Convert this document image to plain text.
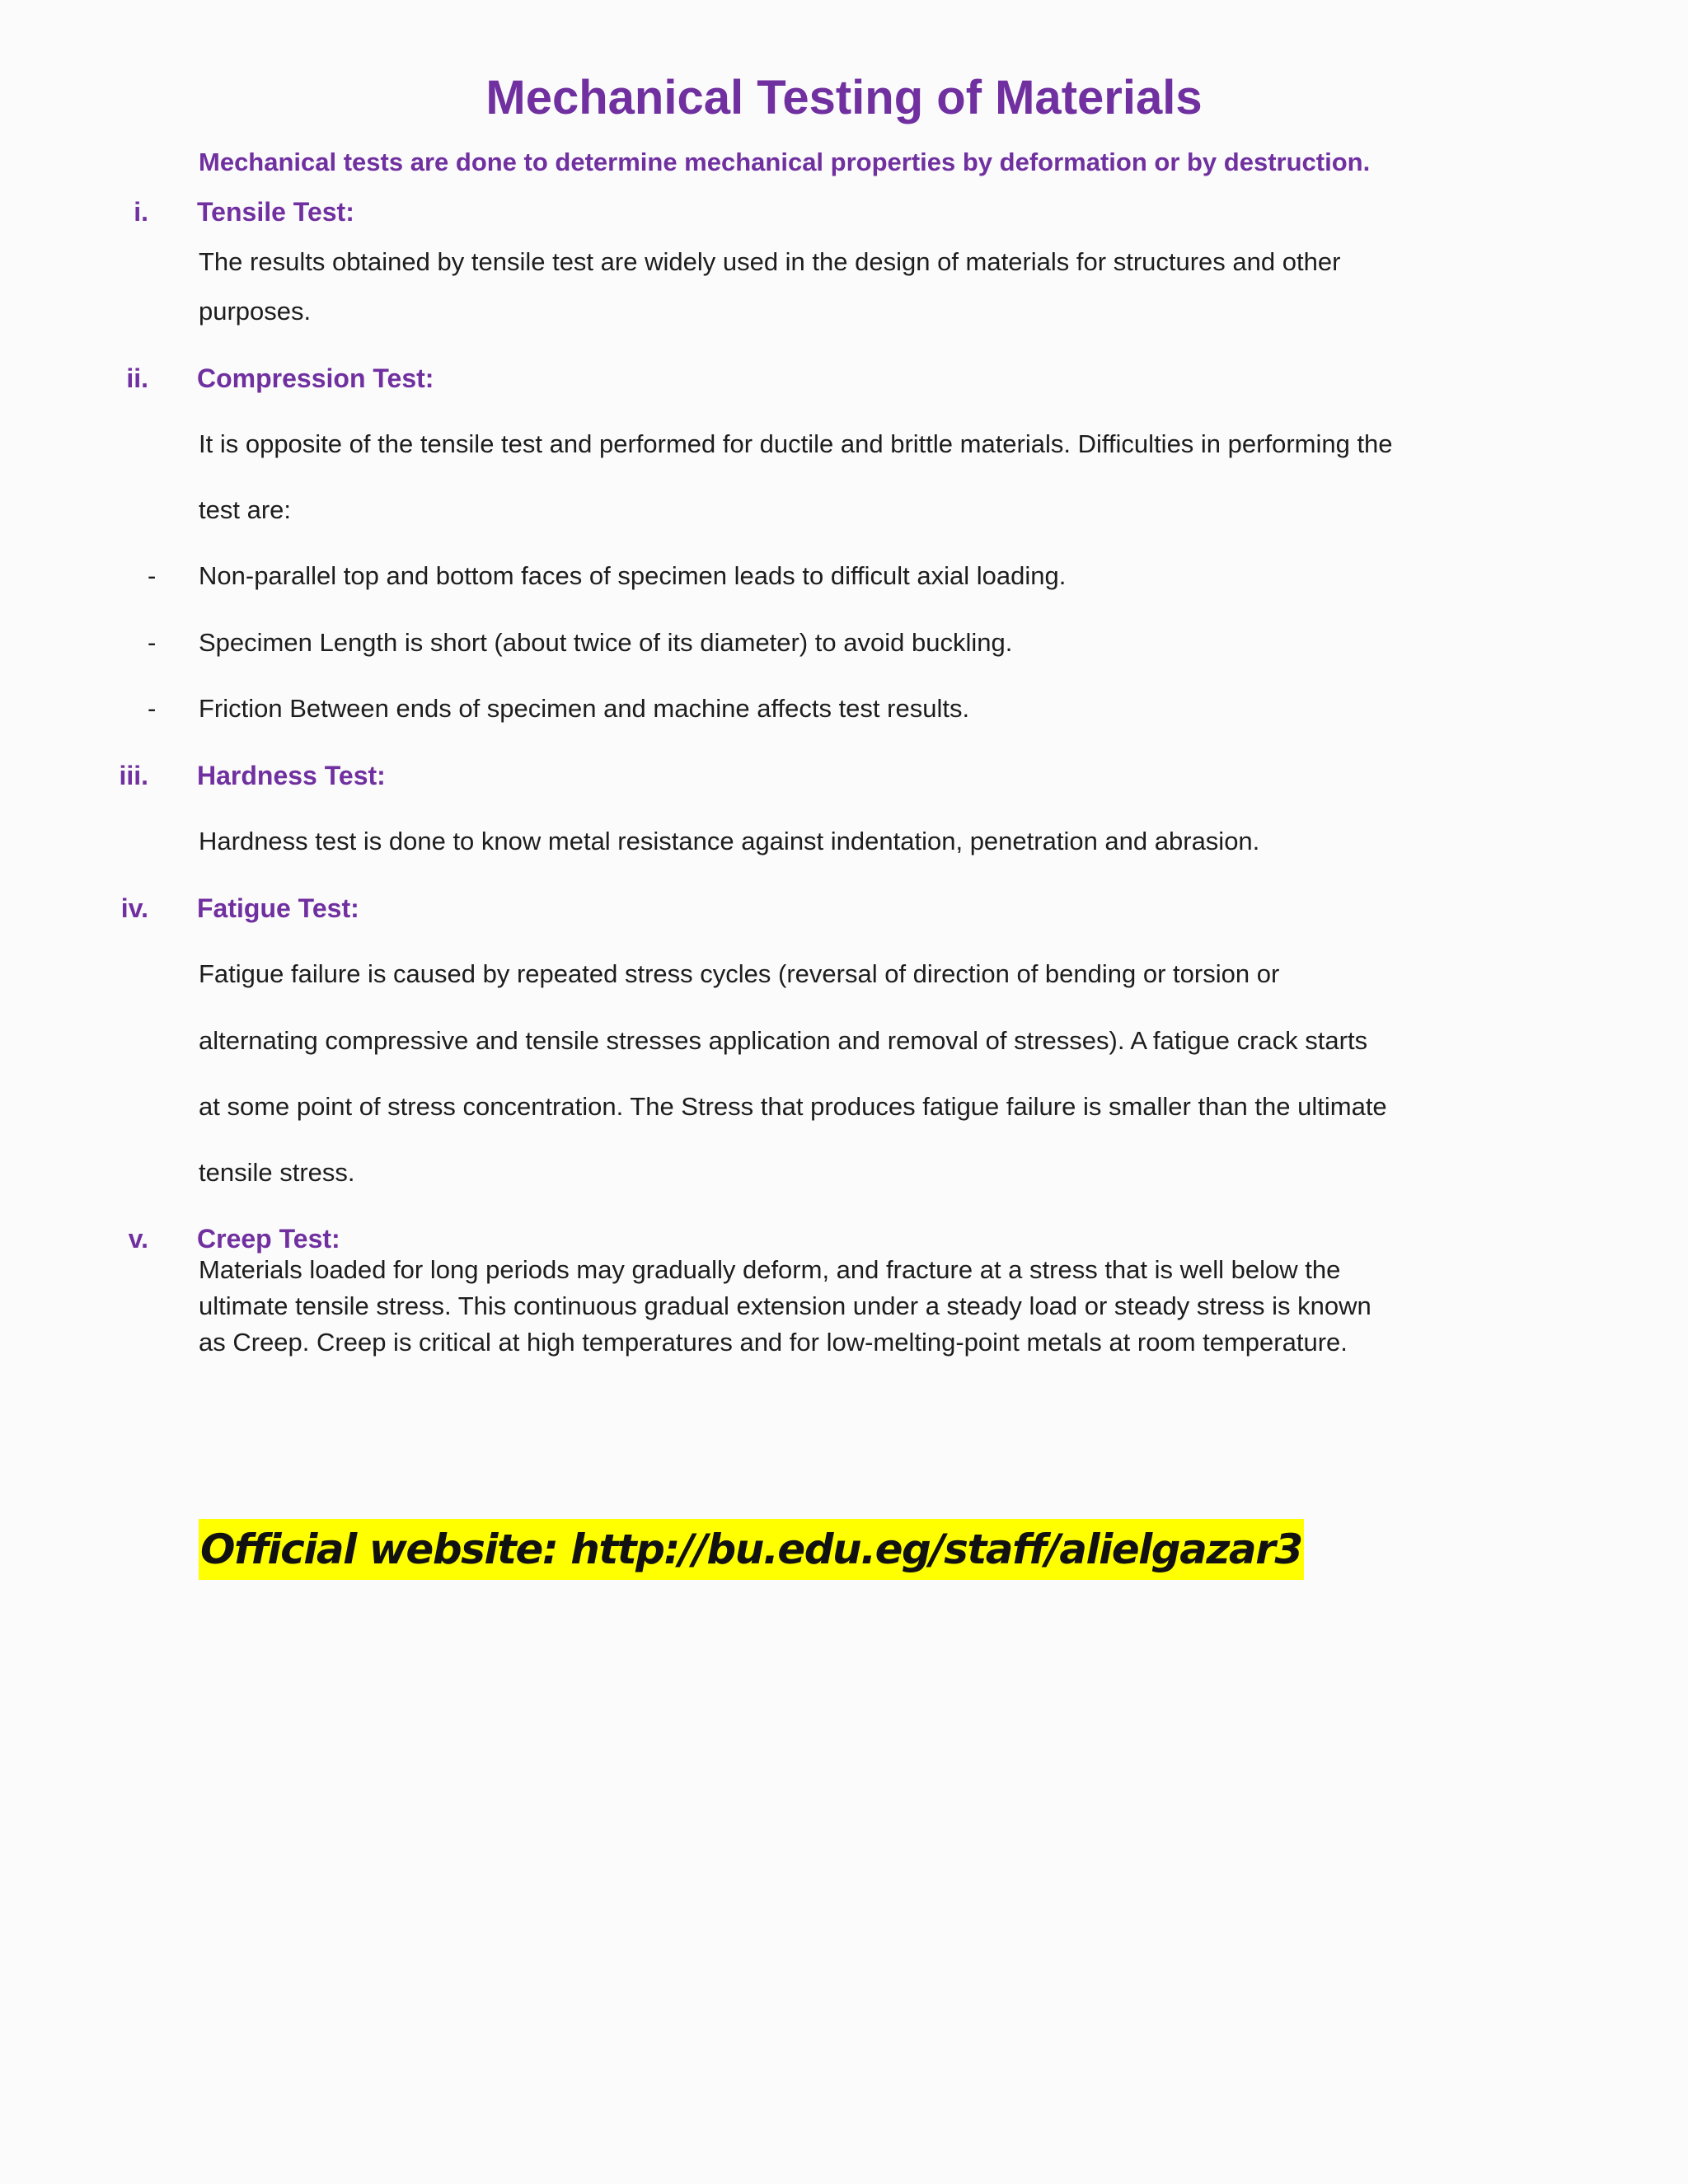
Mechanical Testing of Materials
Mechanical tests are done to determine mechanical properties by deformation or by destruction.
i. Tensile Test:
The results obtained by tensile test are widely used in the design of materials for structures and other
purposes.
ii. Compression Test:
It is opposite of the tensile test and performed for ductile and brittle materials. Difficulties in performing the
test are:
- Non-parallel top and bottom faces of specimen leads to difficult axial loading.
- Specimen Length is short (about twice of its diameter) to avoid buckling.
- Friction Between ends of specimen and machine affects test results.
iii. Hardness Test:
Hardness test is done to know metal resistance against indentation, penetration and abrasion.
iv. Fatigue Test:
Fatigue failure is caused by repeated stress cycles (reversal of direction of bending or torsion or
alternating compressive and tensile stresses application and removal of stresses). A fatigue crack starts
at some point of stress concentration. The Stress that produces fatigue failure is smaller than the ultimate
tensile stress.
v. Creep Test:
Materials loaded for long periods may gradually deform, and fracture at a stress that is well below the
ultimate tensile stress. This continuous gradual extension under a steady load or steady stress is known
as Creep. Creep is critical at high temperatures and for low-melting-point metals at room temperature.
Official website: http://bu.edu.eg/staff/alielgazar3
